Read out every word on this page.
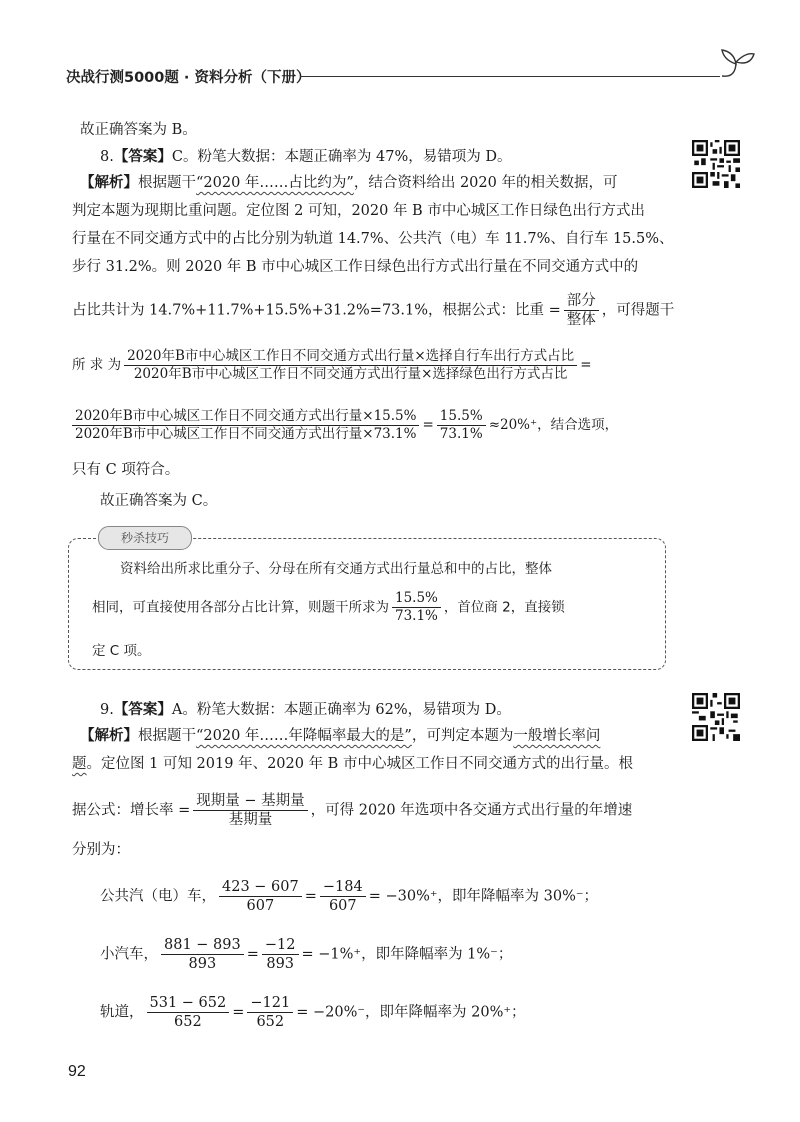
决战行测5000题 · 资料分析（下册）
故正确答案为 B。
8.【答案】C。粉笔大数据：本题正确率为 47%，易错项为 D。
【解析】根据题干“2020 年……占比约为”，结合资料给出 2020 年的相关数据，可
判定本题为现期比重问题。定位图 2 可知，2020 年 B 市中心城区工作日绿色出行方式出
行量在不同交通方式中的占比分别为轨道 14.7%、公共汽（电）车 11.7%、自行车 15.5%、
步行 31.2%。则 2020 年 B 市中心城区工作日绿色出行方式出行量在不同交通方式中的
占比共计为 14.7%+11.7%+15.5%+31.2%=73.1%，根据公式：比重 = $\frac{\text{部分}}{\text{整体}}$ ，可得题干
所 求 为 $\frac{\text{2020年B市中心城区工作日不同交通方式出行量×选择自行车出行方式占比}}{\text{2020年B市中心城区工作日不同交通方式出行量×选择绿色出行方式占比}}$ =
$\frac{\text{2020年B市中心城区工作日不同交通方式出行量×15.5\%}}{\text{2020年B市中心城区工作日不同交通方式出行量×73.1\%}} = \frac{15.5\%}{73.1\%} \approx 20\%^+$，结合选项，
只有 C 项符合。
故正确答案为 C。
秒杀技巧
资料给出所求比重分子、分母在所有交通方式出行量总和中的占比，整体
相同，可直接使用各部分占比计算，则题干所求为 $\frac{15.5\%}{73.1\%}$ ，首位商 2，直接锁
定 C 项。
9.【答案】A。粉笔大数据：本题正确率为 62%，易错项为 D。
【解析】根据题干“2020 年……年降幅率最大的是”，可判定本题为一般增长率问
题。定位图 1 可知 2019 年、2020 年 B 市中心城区工作日不同交通方式的出行量。根
据公式：增长率 = $\frac{\text{现期量 − 基期量}}{\text{基期量}}$ ，可得 2020 年选项中各交通方式出行量的年增速
分别为：
公共汽（电）车， $\frac{423 - 607}{607} = \frac{-184}{607} = -30\%^+$，即年降幅率为 30%⁻；
小汽车， $\frac{881 - 893}{893} = \frac{-12}{893} = -1\%^+$，即年降幅率为 1%⁻；
轨道， $\frac{531 - 652}{652} = \frac{-121}{652} = -20\%^-$，即年降幅率为 20%⁺；
92
